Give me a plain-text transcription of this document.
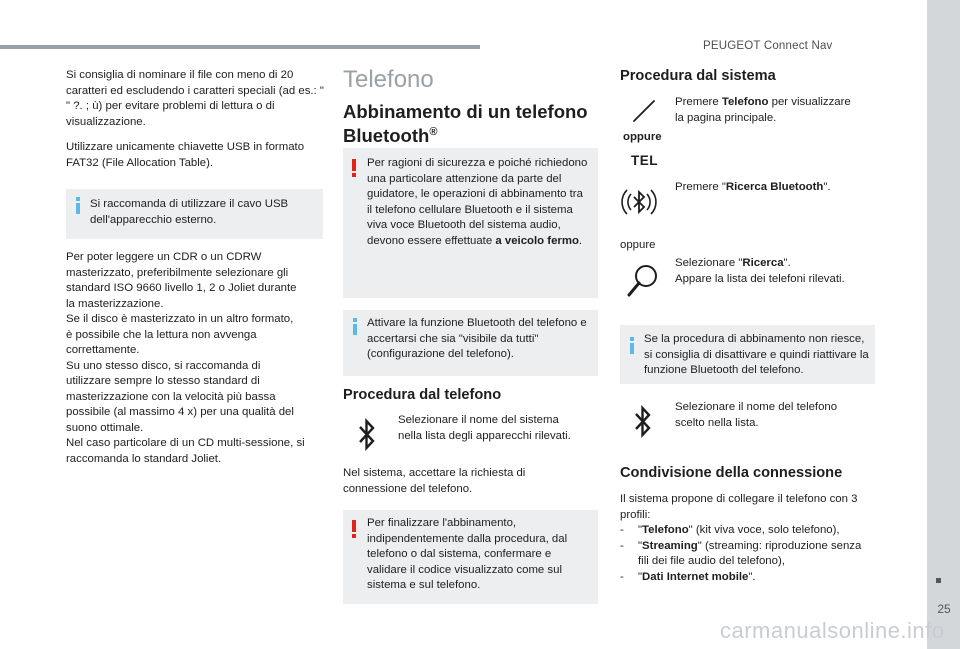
PEUGEOT Connect Nav
25
carmanualsonline.info
Si consiglia di nominare il file con meno di 20 caratteri ed escludendo i caratteri speciali (ad es.: " " ?. ; ù) per evitare problemi di lettura o di visualizzazione.
Utilizzare unicamente chiavette USB in formato FAT32 (File Allocation Table).
Si raccomanda di utilizzare il cavo USB dell'apparecchio esterno.
Per poter leggere un CDR o un CDRW
masterizzato, preferibilmente selezionare gli
standard ISO 9660 livello 1, 2 o Joliet durante
la masterizzazione.
Se il disco è masterizzato in un altro formato,
è possibile che la lettura non avvenga
correttamente.
Su uno stesso disco, si raccomanda di
utilizzare sempre lo stesso standard di
masterizzazione con la velocità più bassa
possibile (al massimo 4 x) per una qualità del
suono ottimale.
Nel caso particolare di un CD multi-sessione, si
raccomanda lo standard Joliet.
Telefono
Abbinamento di un telefono Bluetooth®
Per ragioni di sicurezza e poiché richiedono una particolare attenzione da parte del guidatore, le operazioni di abbinamento tra il telefono cellulare Bluetooth e il sistema viva voce Bluetooth del sistema audio, devono essere effettuate a veicolo fermo.
Attivare la funzione Bluetooth del telefono e accertarsi che sia "visibile da tutti" (configurazione del telefono).
Procedura dal telefono
Selezionare il nome del sistema nella lista degli apparecchi rilevati.
Nel sistema, accettare la richiesta di connessione del telefono.
Per finalizzare l'abbinamento, indipendentemente dalla procedura, dal telefono o dal sistema, confermare e validare il codice visualizzato come sul sistema e sul telefono.
Procedura dal sistema
oppure
TEL
Premere Telefono per visualizzare la pagina principale.
Premere "Ricerca Bluetooth".
oppure
Selezionare "Ricerca".
Appare la lista dei telefoni rilevati.
Se la procedura di abbinamento non riesce, si consiglia di disattivare e quindi riattivare la funzione Bluetooth del telefono.
Selezionare il nome del telefono scelto nella lista.
Condivisione della connessione
Il sistema propone di collegare il telefono con 3 profili:
-	"Telefono" (kit viva voce, solo telefono),
-	"Streaming" (streaming: riproduzione senza fili dei file audio del telefono),
-	"Dati Internet mobile".
